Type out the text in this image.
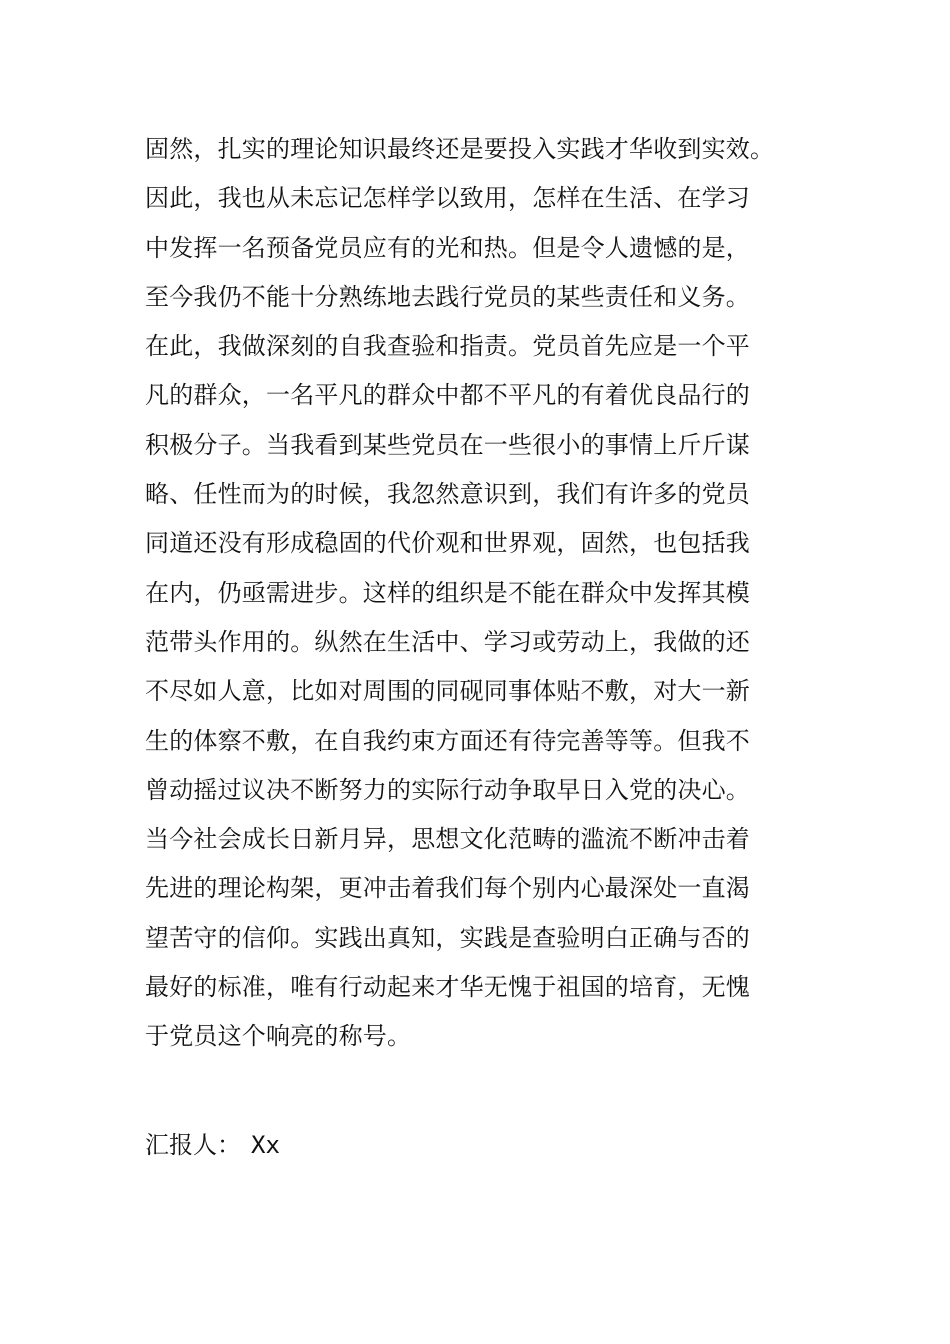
固然，扎实的理论知识最终还是要投入实践才华收到实效。
因此，我也从未忘记怎样学以致用，怎样在生活、在学习
中发挥一名预备党员应有的光和热。但是令人遗憾的是，
至今我仍不能十分熟练地去践行党员的某些责任和义务。
在此，我做深刻的自我查验和指责。党员首先应是一个平
凡的群众，一名平凡的群众中都不平凡的有着优良品行的
积极分子。当我看到某些党员在一些很小的事情上斤斤谋
略、任性而为的时候，我忽然意识到，我们有许多的党员
同道还没有形成稳固的代价观和世界观，固然，也包括我
在内，仍亟需进步。这样的组织是不能在群众中发挥其模
范带头作用的。纵然在生活中、学习或劳动上，我做的还
不尽如人意，比如对周围的同砚同事体贴不敷，对大一新
生的体察不敷，在自我约束方面还有待完善等等。但我不
曾动摇过议决不断努力的实际行动争取早日入党的决心。
当今社会成长日新月异，思想文化范畴的滥流不断冲击着
先进的理论构架，更冲击着我们每个别内心最深处一直渴
望苦守的信仰。实践出真知，实践是查验明白正确与否的
最好的标准，唯有行动起来才华无愧于祖国的培育，无愧
于党员这个响亮的称号。
汇报人： Xx
